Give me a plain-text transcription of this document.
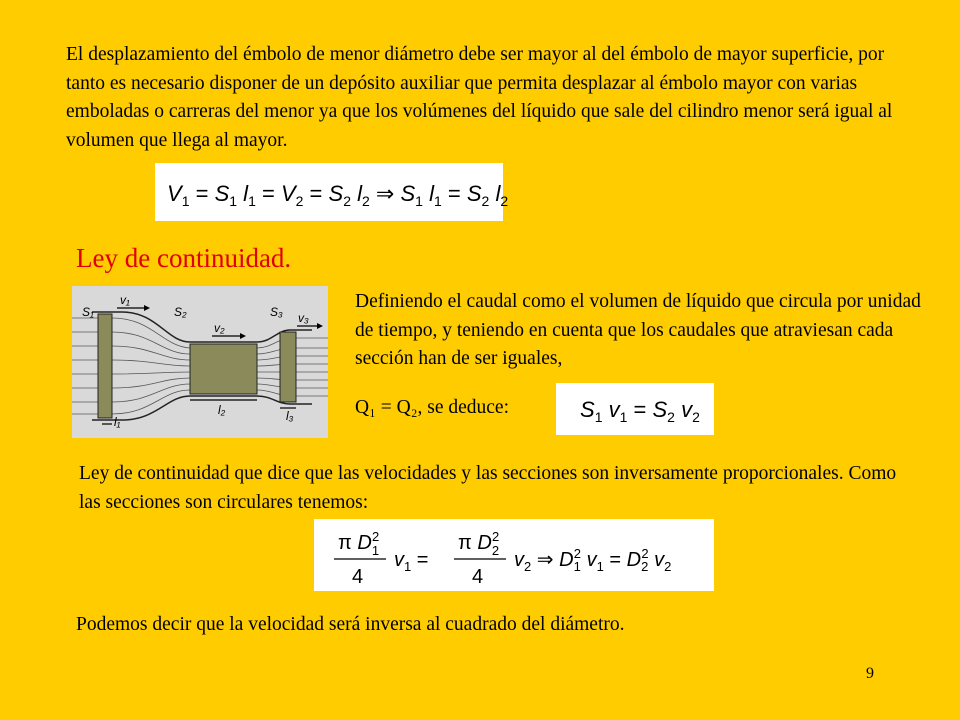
El desplazamiento del émbolo de menor diámetro debe ser mayor al del émbolo de mayor superficie, por tanto es necesario disponer de un depósito auxiliar que permita desplazar al émbolo mayor con varias emboladas o carreras del menor ya que los volúmenes del líquido que sale del cilindro menor será igual al volumen que llega al mayor.

$V_1 = S_1$ $l_1 = V_2 = S_2$ $l_2$ ⇒ $S_1$ $l_1 = S_2$ $l_2$
Ley de continuidad.
S₁
v₁
S₂
v₂
S₃ v₃
l₁
l₂	l₃

Definiendo el caudal como el volumen de líquido que circula por unidad de tiempo, y teniendo en cuenta que los caudales que atraviesan cada sección han de ser iguales,

Q₁ = Q₂, se deduce:	$S_1$ $v_1 = S_2$ $v_2$

Ley de continuidad que dice que las velocidades y las secciones son inversamente proporcionales. Como las secciones son circulares tenemos:

π $D_12$
4
$v_1$ =
π $D_22$
4
$v_2$ ⇒ $D_12$ $v_1 = D_22$ $v_2$

Podemos decir que la velocidad será inversa al cuadrado del diámetro.

9
